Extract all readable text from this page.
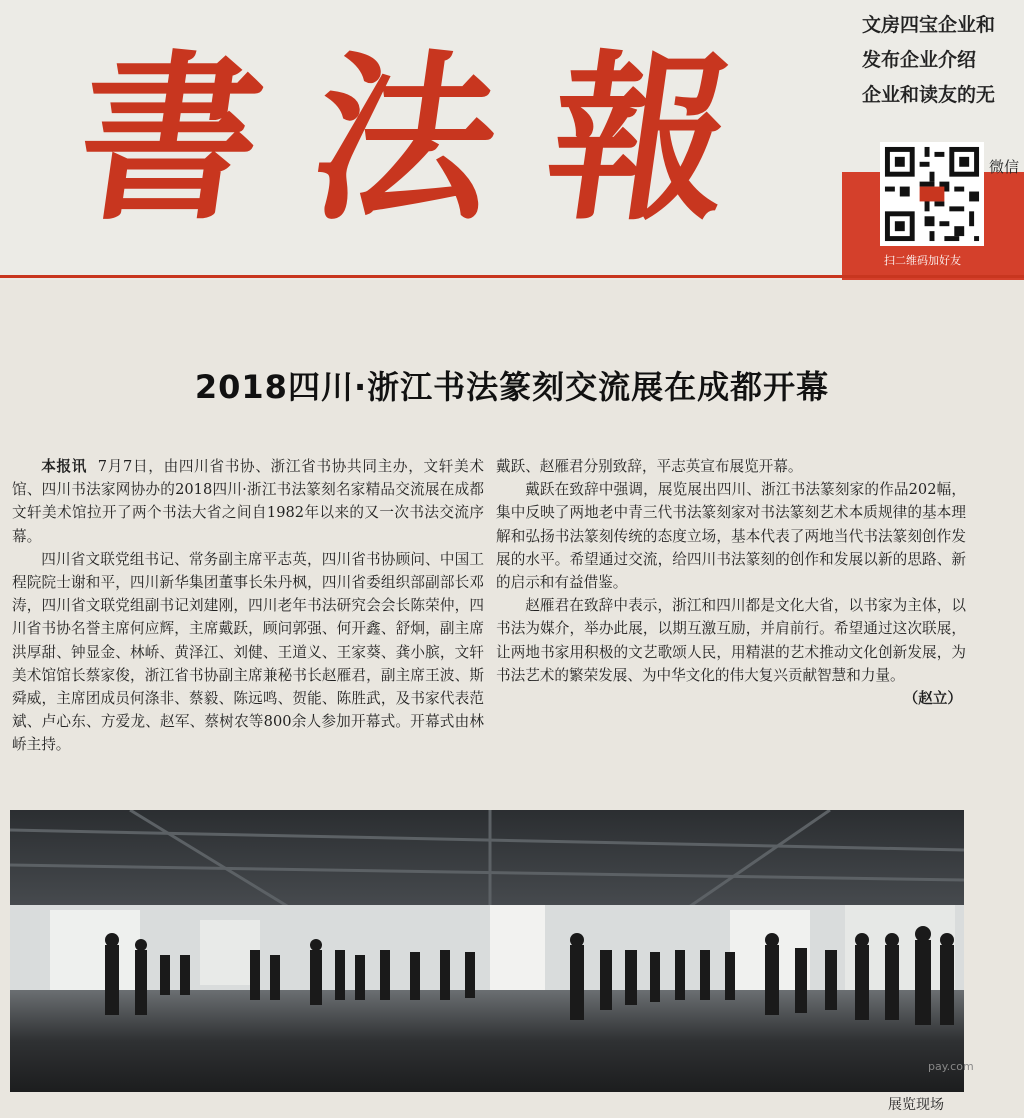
書 法 報
文房四宝企业和
发布企业介绍
企业和读友的无
微信
扫二维码加好友
2018四川·浙江书法篆刻交流展在成都开幕

本报讯 7月7日，由四川省书协、浙江省书协共同主办，文轩美术馆、四川书法家网协办的2018四川·浙江书法篆刻名家精品交流展在成都文轩美术馆拉开了两个书法大省之间自1982年以来的又一次书法交流序幕。

四川省文联党组书记、常务副主席平志英，四川省书协顾问、中国工程院院士谢和平，四川新华集团董事长朱丹枫，四川省委组织部副部长邓涛，四川省文联党组副书记刘建刚，四川老年书法研究会会长陈荣仲，四川省书协名誉主席何应辉，主席戴跃，顾问郭强、何开鑫、舒炯，副主席洪厚甜、钟显金、林峤、黄泽江、刘健、王道义、王家葵、龚小膑，文轩美术馆馆长蔡家俊，浙江省书协副主席兼秘书长赵雁君，副主席王波、斯舜威，主席团成员何涤非、蔡毅、陈远鸣、贺能、陈胜武，及书家代表范斌、卢心东、方爱龙、赵军、蔡树农等800余人参加开幕式。开幕式由林峤主持。

戴跃、赵雁君分别致辞，平志英宣布展览开幕。

戴跃在致辞中强调，展览展出四川、浙江书法篆刻家的作品202幅，集中反映了两地老中青三代书法篆刻家对书法篆刻艺术本质规律的基本理解和弘扬书法篆刻传统的态度立场，基本代表了两地当代书法篆刻创作发展的水平。希望通过交流，给四川书法篆刻的创作和发展以新的思路、新的启示和有益借鉴。

赵雁君在致辞中表示，浙江和四川都是文化大省，以书家为主体，以书法为媒介，举办此展，以期互激互励，并肩前行。希望通过这次联展，让两地书家用积极的文艺歌颂人民，用精湛的艺术推动文化创新发展，为书法艺术的繁荣发展、为中华文化的伟大复兴贡献智慧和力量。

（赵立）

pay.com
展览现场
